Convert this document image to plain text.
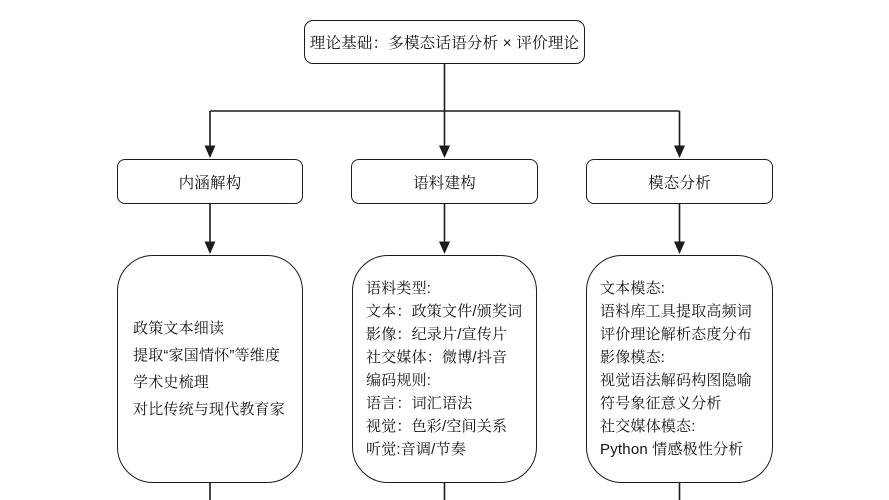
理论基础：多模态话语分析 × 评价理论
内涵解构	语料建构	模态分析
政策文本细读
提取“家国情怀”等维度
学术史梳理
对比传统与现代教育家
语料类型:
文本：政策文件/颁奖词
影像：纪录片/宣传片
社交媒体：微博/抖音
编码规则:
语言：词汇语法
视觉：色彩/空间关系
听觉:音调/节奏
文本模态:
语料库工具提取高频词
评价理论解析态度分布
影像模态:
视觉语法解码构图隐喻
符号象征意义分析
社交媒体模态:
Python 情感极性分析
